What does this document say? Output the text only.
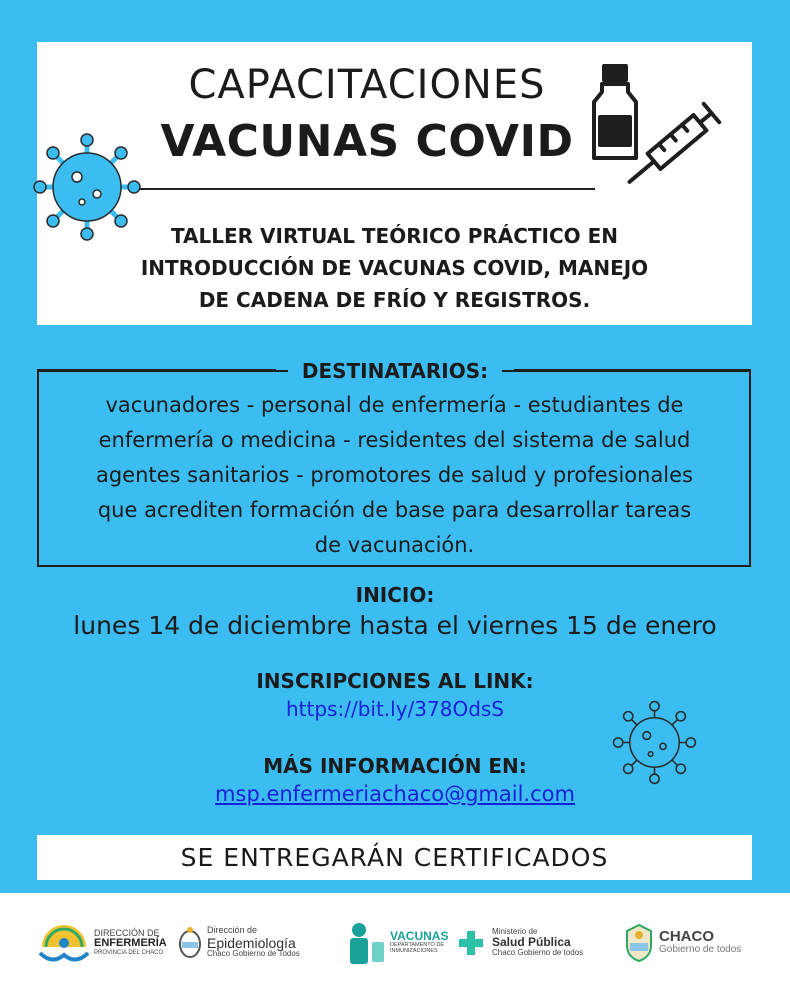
CAPACITACIONES
VACUNAS COVID

TALLER VIRTUAL TEÓRICO PRÁCTICO EN
INTRODUCCIÓN DE VACUNAS COVID, MANEJO
DE CADENA DE FRÍO Y REGISTROS.

DESTINATARIOS:

vacunadores - personal de enfermería - estudiantes de
enfermería o medicina - residentes del sistema de salud
agentes sanitarios - promotores de salud y profesionales
que acrediten formación de base para desarrollar tareas
de vacunación.

INICIO:

lunes 14 de diciembre hasta el viernes 15 de enero

INSCRIPCIONES AL LINK:

https://bit.ly/378OdsS

MÁS INFORMACIÓN EN:

msp.enfermeriachaco@gmail.com

SE ENTREGARÁN CERTIFICADOS
DIRECCIÓN DE
ENFERMERÍA
PROVINCIA DEL CHACO
Dirección de
Epidemiología
Chaco Gobierno de Todos
VACUNAS
DEPARTAMENTO DE
INMUNIZACIONES
Ministerio de
Salud Pública
Chaco Gobierno de todos
CHACO
Gobierno de todos
